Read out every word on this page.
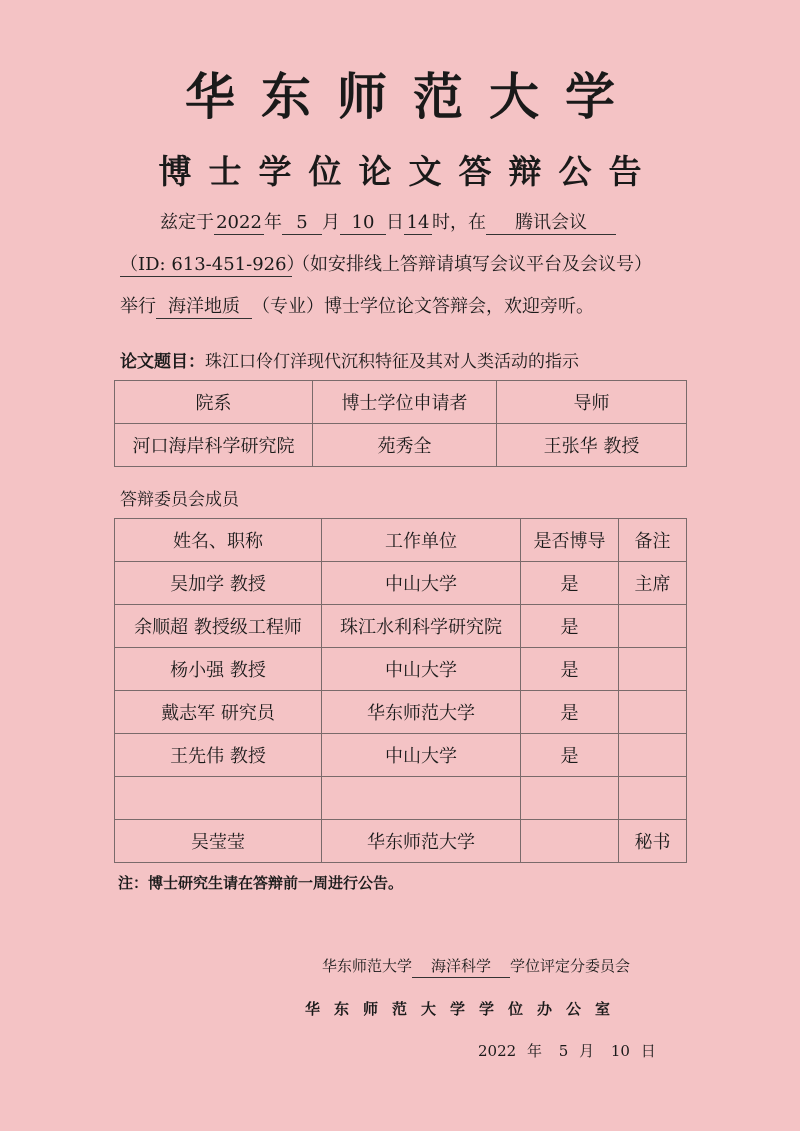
华东师范大学
博士学位论文答辩公告
兹定于 2022 年 5 月 10 日 14 时，在 腾讯会议
（ID: 613-451-926）（如安排线上答辩请填写会议平台及会议号）
举行 海洋地质 （专业）博士学位论文答辩会，欢迎旁听。
论文题目：珠江口伶仃洋现代沉积特征及其对人类活动的指示
院系	博士学位申请者	导师
河口海岸科学研究院	苑秀全	王张华 教授
答辩委员会成员
姓名、职称	工作单位	是否博导	备注
吴加学 教授	中山大学	是	主席
余顺超 教授级工程师	珠江水利科学研究院	是	
杨小强 教授	中山大学	是	
戴志军 研究员	华东师范大学	是	
王先伟 教授	中山大学	是	

吴莹莹	华东师范大学		秘书
注：博士研究生请在答辩前一周进行公告。
华东师范大学 海洋科学 学位评定分委员会
华东师范大学学位办公室
2022 年 5 月 10 日
